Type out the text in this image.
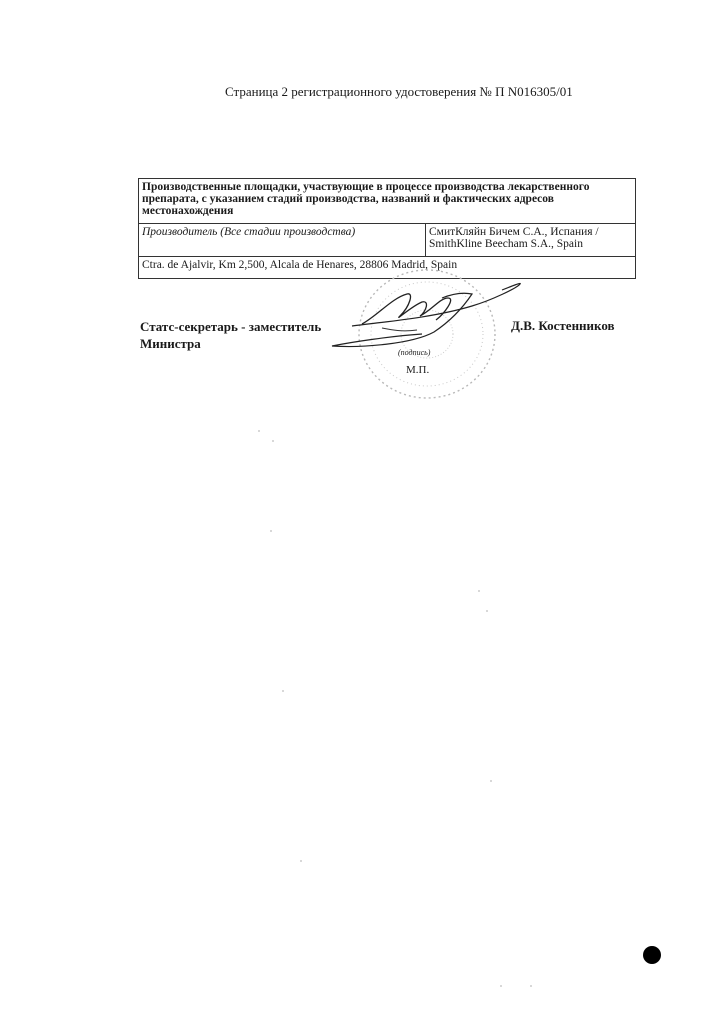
Страница 2 регистрационного удостоверения № П N016305/01
Производственные площадки, участвующие в процессе производства лекарственного препарата, с указанием стадий производства, названий и фактических адресов местонахождения
Производитель (Все стадии производства)	СмитКляйн Бичем С.А., Испания / SmithKline Beecham S.A., Spain
Ctra. de Ajalvir, Km 2,500, Alcala de Henares, 28806 Madrid, Spain
Статс-секретарь - заместитель
Министра
Д.В. Костенников
(подпись)
М.П.
